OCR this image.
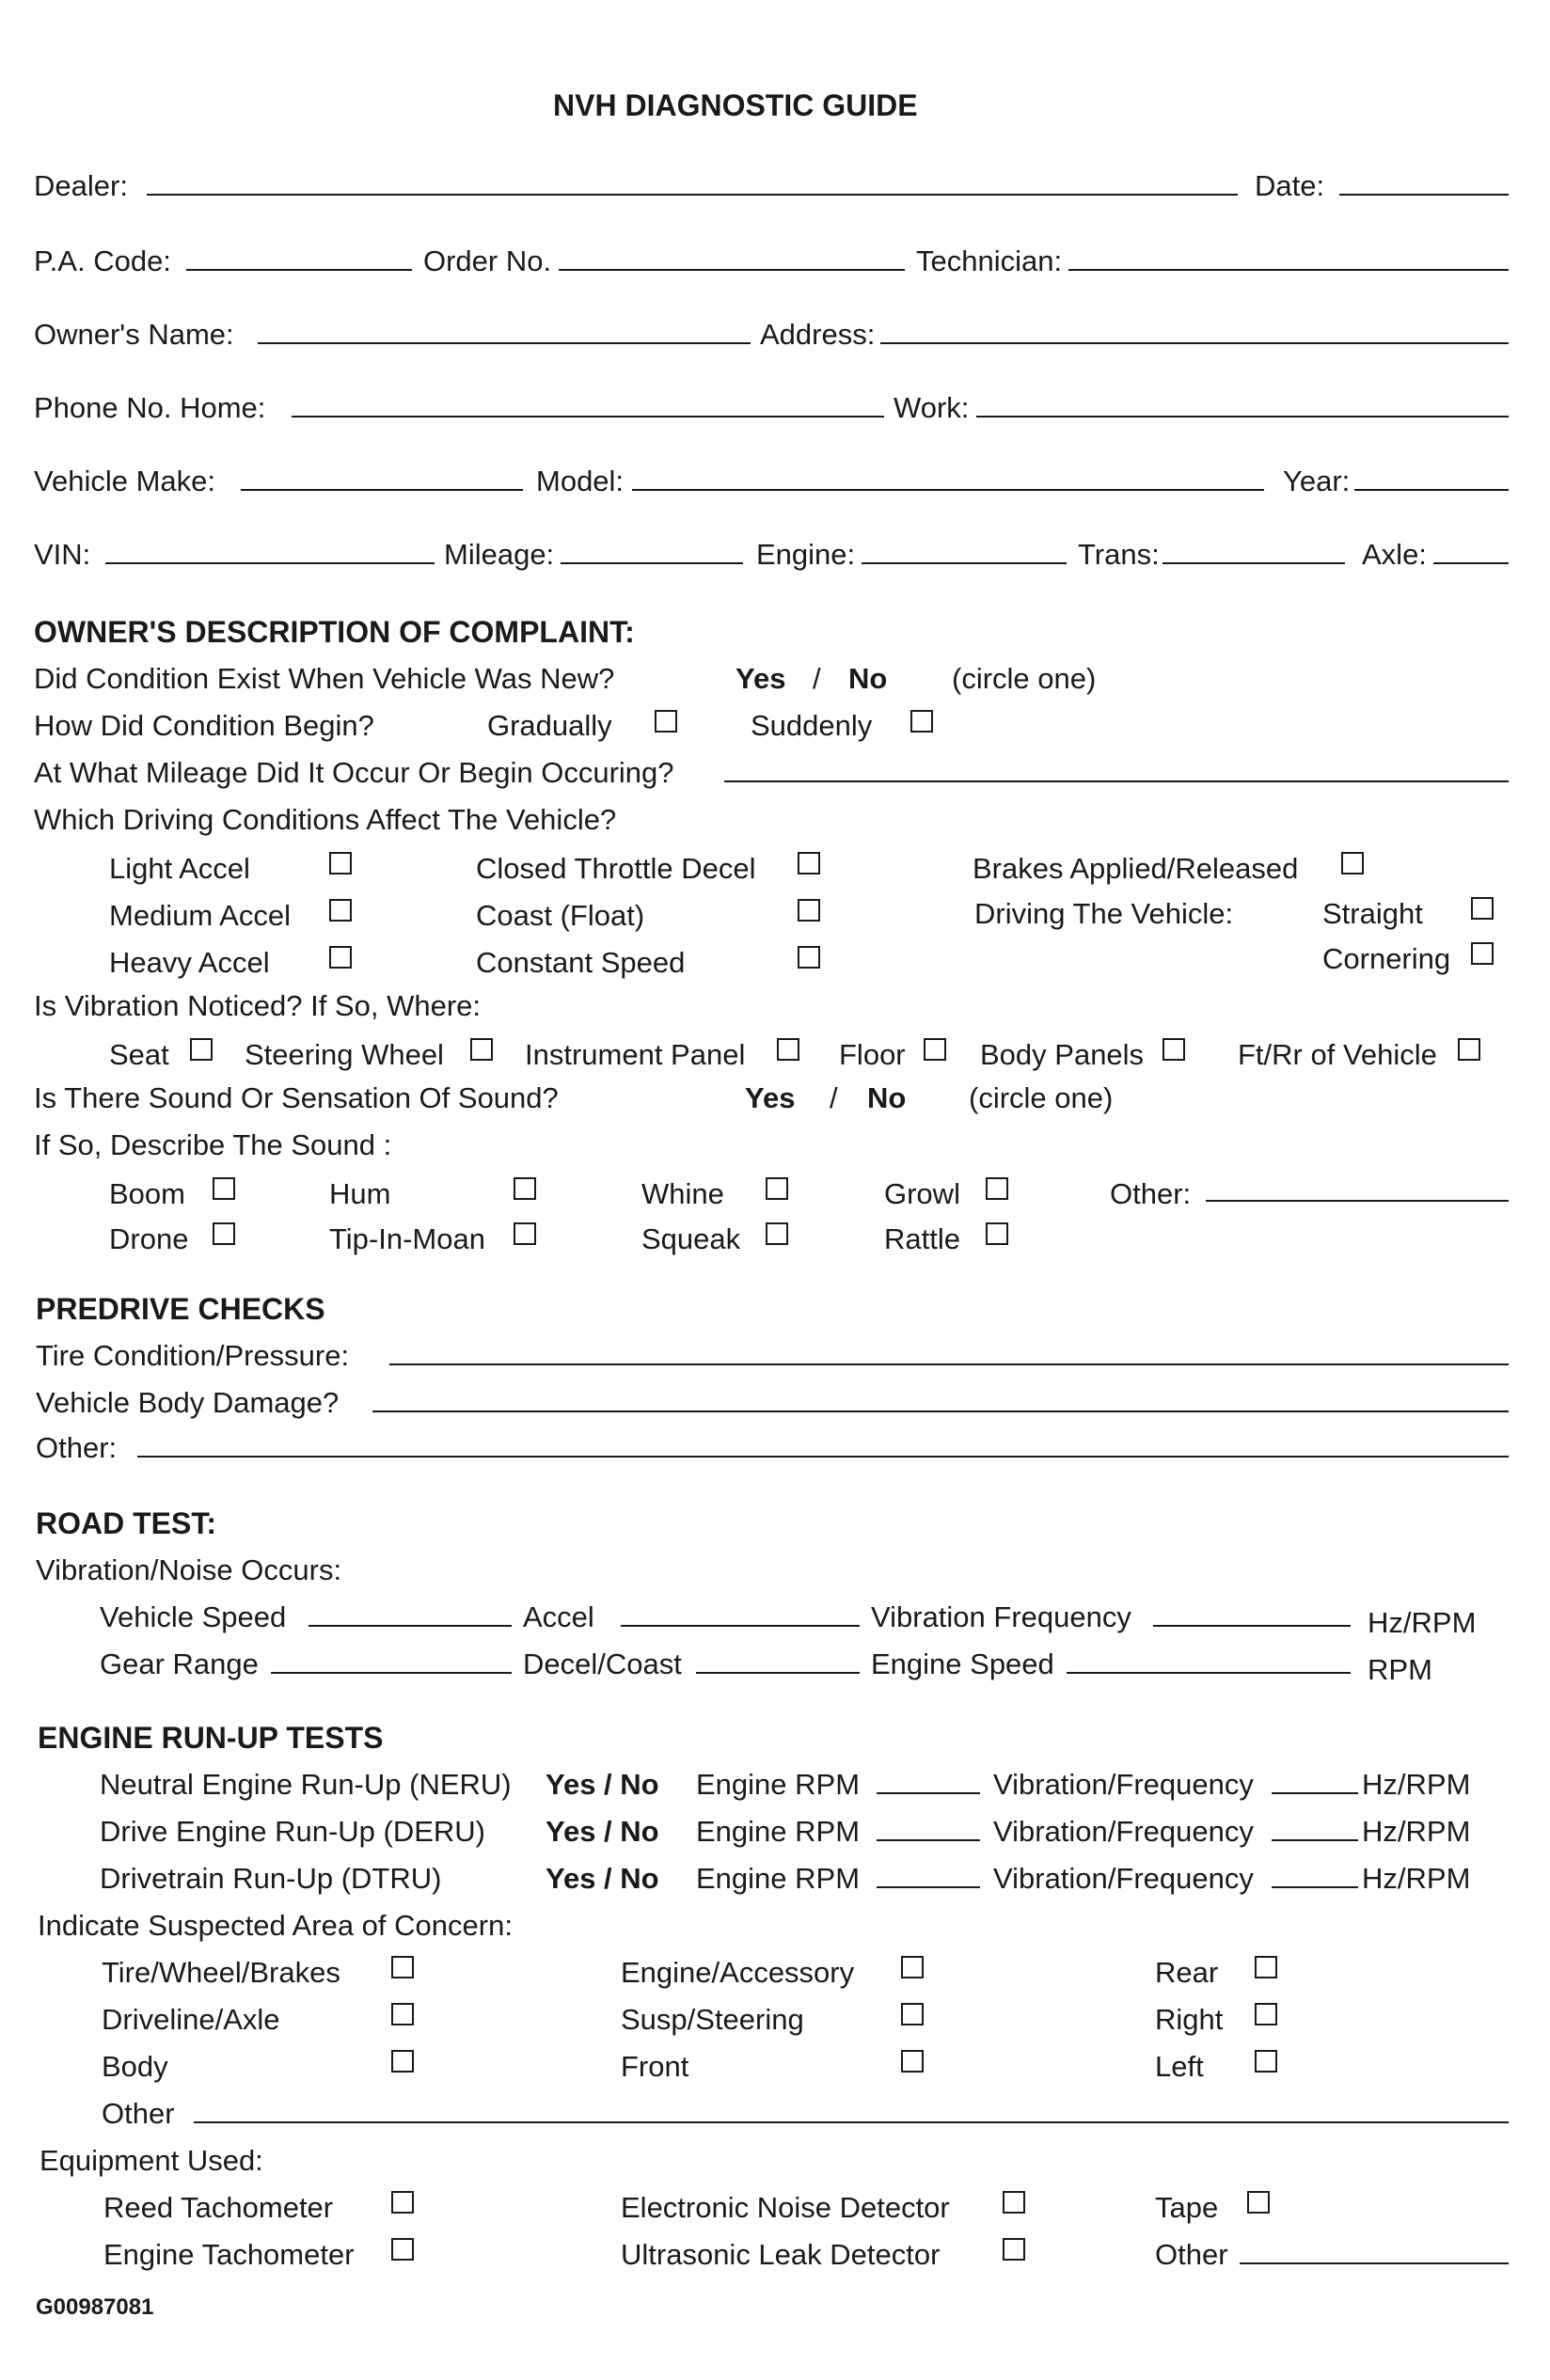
NVH DIAGNOSTIC GUIDE
Dealer:	Date:
P.A. Code:	Order No.	Technician:
Owner's Name:	Address:
Phone No. Home:	Work:
Vehicle Make:	Model:	Year:
VIN:	Mileage:	Engine:	Trans:	Axle:
OWNER'S DESCRIPTION OF COMPLAINT:
Did Condition Exist When Vehicle Was New?	Yes / No (circle one)
How Did Condition Begin?	Gradually	Suddenly
At What Mileage Did It Occur Or Begin Occuring?
Which Driving Conditions Affect The Vehicle?
Light Accel	Closed Throttle Decel	Brakes Applied/Released
Medium Accel	Coast (Float)	Driving The Vehicle:	Straight
Heavy Accel	Constant Speed	Cornering
Is Vibration Noticed? If So, Where:
Seat	Steering Wheel	Instrument Panel	Floor	Body Panels	Ft/Rr of Vehicle
Is There Sound Or Sensation Of Sound?	Yes / No (circle one)
If So, Describe The Sound :
Boom	Hum	Whine	Growl	Other:
Drone	Tip-In-Moan	Squeak	Rattle
PREDRIVE CHECKS
Tire Condition/Pressure:
Vehicle Body Damage?
Other:
ROAD TEST:
Vibration/Noise Occurs:
Vehicle Speed	Accel	Vibration Frequency	Hz/RPM
Gear Range	Decel/Coast	Engine Speed	RPM
ENGINE RUN-UP TESTS
Neutral Engine Run-Up (NERU) Yes / No Engine RPM	Vibration/Frequency	Hz/RPM
Drive Engine Run-Up (DERU) Yes / No Engine RPM	Vibration/Frequency	Hz/RPM
Drivetrain Run-Up (DTRU)	Yes / No Engine RPM	Vibration/Frequency	Hz/RPM
Indicate Suspected Area of Concern:
Tire/Wheel/Brakes	Engine/Accessory	Rear
Driveline/Axle	Susp/Steering	Right
Body	Front	Left
Other
Equipment Used:
Reed Tachometer	Electronic Noise Detector	Tape
Engine Tachometer	Ultrasonic Leak Detector	Other
G00987081
